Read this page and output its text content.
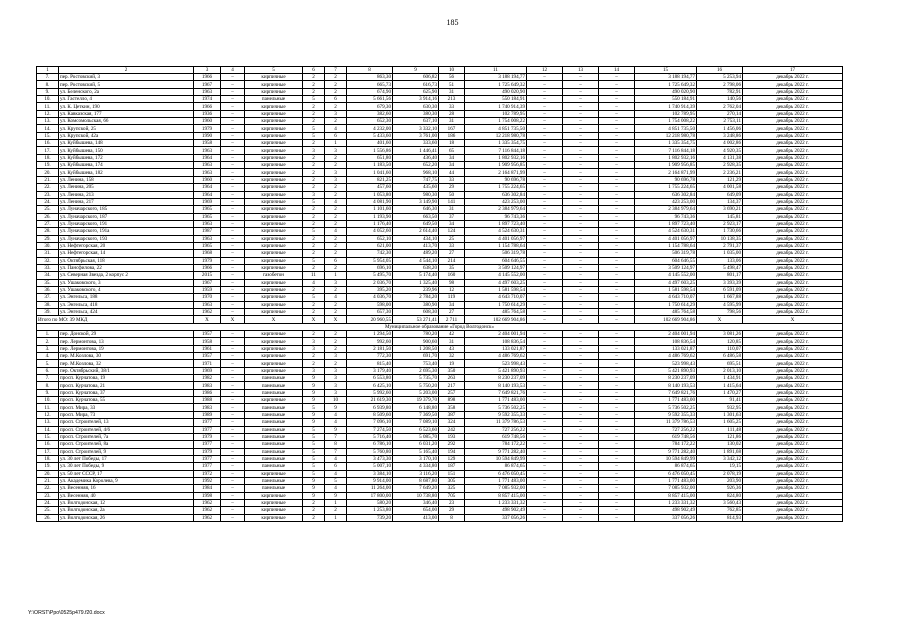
185
1	2	3	4	5	6	7	8	9	10	11	12	13	14	15	16	17
7.	пер. Ростовский, 3	1966	–	кирпичные	2	2	863,30	606,82	56	3 188 194,77	–	–	–	3 188 194,77	5 253,94	декабрь 2022 г.
8.	пер. Ростовский, 5	1967	–	кирпичные	2	2	665,73	616,73	51	1 725 649,32	–	–	–	1 725 649,32	2 798,06	декабрь 2022 г.
9.	ул. Беленского, 2а	1963	–	кирпичные	2	2	674,90	625,90	31	490 020,90	–	–	–	490 020,90	782,91	декабрь 2022 г.
10.	ул. Гастелло, 4	1974	–	панельные	5	6	5 661,56	3 914,16	213	550 184,91	–	–	–	550 184,91	140,56	декабрь 2022 г.
11.	ул. К. Цеткин, 190	1966	–	кирпичные	2	2	679,30	630,30	33	1 740 914,39	–	–	–	1 740 914,39	2 762,04	декабрь 2022 г.
12.	ул. Кавказская, 177	1936	–	кирпичные	2	3	382,60	380,30	28	102 789,95	–	–	–	102 789,95	270,14	декабрь 2022 г.
13.	ул. Комсомольская, 66	1960	–	кирпичные	2	2	652,30	637,10	31	1 754 008,22	–	–	–	1 754 008,22	2 753,11	декабрь 2022 г.
14.	ул. Крупской, 25	1979	–	кирпичные	5	4	4 232,00	3 332,10	167	4 851 735,50	–	–	–	4 851 735,50	1 456,06	декабрь 2022 г.
15.	ул. Крупской, 42а	1990	–	кирпичные	5	6	5 433,60	3 761,00	186	12 218 980,78	–	–	–	12 218 980,78	3 248,86	декабрь 2022 г.
16.	ул. Куйбышева, 148	1958	–	кирпичные	2	1	401,60	333,60	18	1 335 354,75	–	–	–	1 335 354,75	4 002,86	декабрь 2022 г.
17.	ул. Куйбышева, 150	1963	–	кирпичные	3	3	1 556,86	1 446,41	65	7 116 844,18	–	–	–	7 116 844,18	4 920,35	декабрь 2022 г.
18.	ул. Куйбышева, 172	1964	–	кирпичные	2	2	651,80	436,40	34	1 802 932,16	–	–	–	1 802 932,16	4 131,38	декабрь 2022 г.
19.	ул. Куйбышева, 174	1963	–	кирпичные	2	2	1 183,50	652,20	34	1 909 956,85	–	–	–	1 909 956,85	2 928,35	декабрь 2022 г.
20.	ул. Куйбышева, 182	1963	–	кирпичные	2	3	1 041,60	968,10	44	2 164 871,99	–	–	–	2 164 871,99	2 236,21	декабрь 2022 г.
21.	ул. Ленина, 158	1960	–	кирпичные	2	3	821,25	747,75	33	90 696,78	–	–	–	90 696,78	121,29	декабрь 2022 г.
22.	ул. Ленина, 205	1964	–	кирпичные	2	2	457,60	435,60	29	1 755 224,65	–	–	–	1 755 224,65	4 001,58	декабрь 2022 г.
23.	ул. Ленина, 213	1964	–	кирпичные	3	2	1 053,80	980,30	50	636 302,84	–	–	–	636 302,84	649,09	декабрь 2022 г.
24.	ул. Ленина, 217	1969	–	кирпичные	5	4	4 081,90	3 149,90	141	423 253,00	–	–	–	423 253,00	134,37	декабрь 2022 г.
25.	ул. Луначарского, 185	1965	–	кирпичные	2	2	1 101,60	646,30	31	2 384 979,64	–	–	–	2 384 979,64	3 690,21	декабрь 2022 г.
26.	ул. Луначарского, 187	1965	–	кирпичные	2	2	1 193,90	663,50	37	96 743,36	–	–	–	96 743,36	145,81	декабрь 2022 г.
27.	ул. Луначарского, 191	1963	–	кирпичные	2	2	1 176,40	649,50	34	1 897 723,40	–	–	–	1 897 723,40	2 923,17	декабрь 2022 г.
28.	ул. Луначарского, 191а	1987	–	кирпичные	5	4	4 052,60	2 614,40	124	4 524 630,31	–	–	–	4 524 630,31	1 730,66	декабрь 2022 г.
29.	ул. Луначарского, 193	1963	–	кирпичные	2	2	652,10	434,10	25	4 401 056,97	–	–	–	4 401 056,97	10 138,35	декабрь 2022 г.
30.	ул. Нефтегорская, 20	1965	–	кирпичные	2	2	621,00	413,70	33	1 154 788,64	–	–	–	1 154 788,64	2 791,37	декабрь 2022 г.
31.	ул. Нефтегорская, 14	1968	–	кирпичные	2	2	742,30	489,20	27	506 319,78	–	–	–	506 319,78	1 035,00	декабрь 2022 г.
32.	ул. Октябрьская, 118	1979	–	кирпичные	5	6	5 954,05	4 544,10	214	604 646,55	–	–	–	604 646,55	133,06	декабрь 2022 г.
33.	ул. Пансфилова, 22	1966	–	кирпичные	2	2	696,10	638,20	35	3 509 124,97	–	–	–	3 509 124,97	5 498,47	декабрь 2022 г.
34.	ул. Северная Звезда, 2 корпус 2	2015	–	газобетон	11	1	5 495,70	5 174,40	160	4 145 552,00	–	–	–	4 145 552,00	801,17	декабрь 2022 г.
35.	ул. Ушаковского, 3	1967	–	кирпичные	4	3	2 036,70	1 325,40	98	4 497 603,25	–	–	–	4 497 603,25	3 393,39	декабрь 2022 г.
36.	ул. Ушаковского, 4	1959	–	кирпичные	2	2	395,20	239,96	12	1 581 598,54	–	–	–	1 581 598,54	6 591,09	декабрь 2022 г.
37.	ул. Энгельса, 188	1970	–	кирпичные	5	4	4 036,70	2 784,20	119	4 643 710,07	–	–	–	4 643 710,07	1 667,88	декабрь 2022 г.
38.	ул. Энгельса, 418	1963	–	кирпичные	2	2	598,00	380,90	34	1 750 614,29	–	–	–	1 750 614,29	4 595,99	декабрь 2022 г.
39.	ул. Энгельса, 424	1962	–	кирпичные	2	2	657,30	608,30	27	485 764,58	–	–	–	485 764,58	798,56	декабрь 2022 г.
Итого по МО: 39 МКД		X	X	X	X	X	20 960,55	53 271,41	2 711	102 669 904,86	–	–	–	102 669 904,86	X	X
Муниципальное образование «Город Волгодонск»																
1.	пер. Донской, 29	1957	–	кирпичные	2	2	1 294,50	780,20	42	2 404 001,94	–	–	–	2 404 001,94	3 081,26	декабрь 2022 г.
2.	пер. Лермонтова, 13	1958	–	кирпичные	3	2	992,60	900,60	31	108 836,54	–	–	–	108 836,54	120,85	декабрь 2022 г.
3.	пер. Лермонтова, 19	1961	–	кирпичные	3	2	2 181,50	1 208,50	43	133 021,87	–	–	–	133 021,87	110,07	декабрь 2022 г.
4.	пер. М.Козлова, 30	1957	–	кирпичные	2	3	772,30	691,70	32	4 486 769,62	–	–	–	4 486 769,62	6 486,58	декабрь 2022 г.
5.	пер. М.Козлова, 32	1971	–	кирпичные	2	2	815,40	753,40	19	523 998,43	–	–	–	523 998,43	695,51	декабрь 2022 г.
6.	пер. Октябрьский, 38/1	1969	–	кирпичные	3	3	3 179,40	2 695,30	350	5 421 890,93	–	–	–	5 421 890,93	2 013,10	декабрь 2022 г.
7.	просп. Курчатова, 19	1982	–	панельные	9	3	6 553,80	5 735,70	263	8 230 237,09	–	–	–	8 230 237,09	1 434,91	декабрь 2022 г.
8.	просп. Курчатова, 21	1983	–	панельные	9	3	6 425,10	5 750,20	217	8 140 193,53	–	–	–	8 140 193,53	1 415,64	декабрь 2022 г.
9.	просп. Курчатова, 37	1986	–	панельные	9	3	5 992,60	5 203,00	257	7 649 821,76	–	–	–	7 649 821,76	1 470,27	декабрь 2022 г.
10.	просп. Курчатова, 55	1988	–	кирпичные	9	10	21 619,30	19 379,70	898	1 771 483,00	–	–	–	1 771 483,00	91,41	декабрь 2022 г.
11.	просп. Мира, 33	1983	–	панельные	5	9	6 939,80	6 148,80	358	5 736 502,25	–	–	–	5 736 502,25	932,95	декабрь 2022 г.
12.	просп. Мира, 73	1989	–	панельные	9	4	8 509,60	7 369,50	387	9 592 355,33	–	–	–	9 592 355,33	1 301,63	декабрь 2022 г.
13.	просп. Строителей, 13	1977	–	панельные	9	4	7 096,10	7 089,10	324	11 379 786,53	–	–	–	11 379 786,53	1 605,25	декабрь 2022 г.
14.	просп. Строителей, 4/6	1977	–	панельные	5	9	7 274,50	6 523,60	242	727 256,22	–	–	–	727 256,22	111,48	декабрь 2022 г.
15.	просп. Строителей, 7а	1979	–	панельные	5	7	5 716,40	5 085,70	193	619 748,56	–	–	–	619 748,56	121,86	декабрь 2022 г.
16.	просп. Строителей, 8а	1977	–	панельные	5	8	6 786,10	6 031,20	292	784 172,22	–	–	–	784 172,22	130,02	декабрь 2022 г.
17.	просп. Строителей, 9	1979	–	панельные	5	7	5 760,80	5 165,40	194	9 771 282,40	–	–	–	9 771 282,40	1 891,68	декабрь 2022 г.
18.	ул. 30 лет Победы, 17	1977	–	панельные	5	4	3 473,30	3 170,10	129	10 594 849,99	–	–	–	10 594 849,99	3 342,12	декабрь 2022 г.
19.	ул. 30 лет Победы, 9	1977	–	панельные	5	6	5 007,10	4 334,80	187	86 874,65	–	–	–	86 874,65	19,15	декабрь 2022 г.
20.	ул. 50 лет СССР, 17	1972	–	кирпичные	5	4	3 384,10	3 116,20	151	6 476 050,45	–	–	–	6 476 050,45	2 078,19	декабрь 2022 г.
21.	ул. Академика Королева, 9	1992	–	панельные	9	5	9 914,00	8 687,80	305	1 771 483,00	–	–	–	1 771 483,00	203,90	декабрь 2022 г.
22.	ул. Весенняя, 16	1984	–	панельные	9	4	11 264,00	7 649,20	325	7 085 932,00	–	–	–	7 085 932,00	926,36	декабрь 2022 г.
23.	ул. Весенняя, 40	1998	–	кирпичные	9	9	17 800,00	10 738,80	705	8 857 415,00	–	–	–	8 857 415,00	824,80	декабрь 2022 г.
24.	ул. Волгодонская, 12	1962	–	кирпичные	2	1	580,20	346,40	23	1 233 331,32	–	–	–	1 233 331,32	3 560,43	декабрь 2022 г.
25.	ул. Волгодонская, 2а	1962	–	кирпичные	2	2	1 253,80	654,00	29	498 902,49	–	–	–	498 902,49	762,85	декабрь 2022 г.
26.	ул. Волгодонская, 26	1962	–	кирпичные	2	1	739,20	413,00	8	337 056,26	–	–	–	337 056,26	814,93	декабрь 2022 г.
Y:\ORST\Ppo\0525p479.f20.docx
